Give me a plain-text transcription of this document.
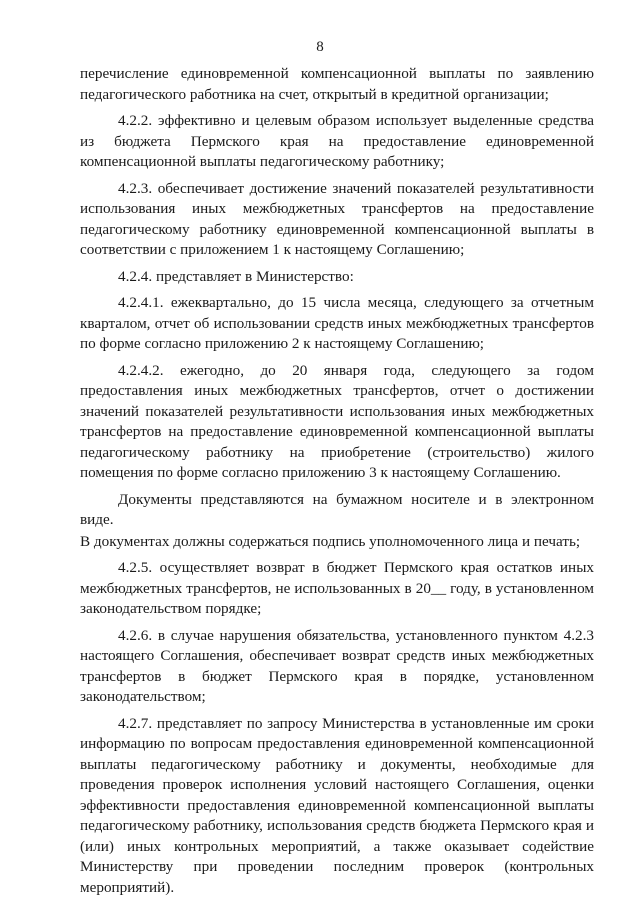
8

перечисление единовременной компенсационной выплаты по заявлению педагогического работника на счет, открытый в кредитной организации;

4.2.2. эффективно и целевым образом использует выделенные средства из бюджета Пермского края на предоставление единовременной компенсационной выплаты педагогическому работнику;

4.2.3. обеспечивает достижение значений показателей результативности использования иных межбюджетных трансфертов на предоставление педагогическому работнику единовременной компенсационной выплаты в соответствии с приложением 1 к настоящему Соглашению;

4.2.4. представляет в Министерство:

4.2.4.1. ежеквартально, до 15 числа месяца, следующего за отчетным кварталом, отчет об использовании средств иных межбюджетных трансфертов по форме согласно приложению 2 к настоящему Соглашению;

4.2.4.2. ежегодно, до 20 января года, следующего за годом предоставления иных межбюджетных трансфертов, отчет о достижении значений показателей результативности использования иных межбюджетных трансфертов на предоставление единовременной компенсационной выплаты педагогическому работнику на приобретение (строительство) жилого помещения по форме согласно приложению 3 к настоящему Соглашению.

Документы представляются на бумажном носителе и в электронном виде.

В документах должны содержаться подпись уполномоченного лица и печать;

4.2.5. осуществляет возврат в бюджет Пермского края остатков иных межбюджетных трансфертов, не использованных в 20__ году, в установленном законодательством порядке;

4.2.6. в случае нарушения обязательства, установленного пунктом 4.2.3 настоящего Соглашения, обеспечивает возврат средств иных межбюджетных трансфертов в бюджет Пермского края в порядке, установленном законодательством;

4.2.7. представляет по запросу Министерства в установленные им сроки информацию по вопросам предоставления единовременной компенсационной выплаты педагогическому работнику и документы, необходимые для проведения проверок исполнения условий настоящего Соглашения, оценки эффективности предоставления единовременной компенсационной выплаты педагогическому работнику, использования средств бюджета Пермского края и (или) иных контрольных мероприятий, а также оказывает содействие Министерству при проведении последним проверок (контрольных мероприятий).
